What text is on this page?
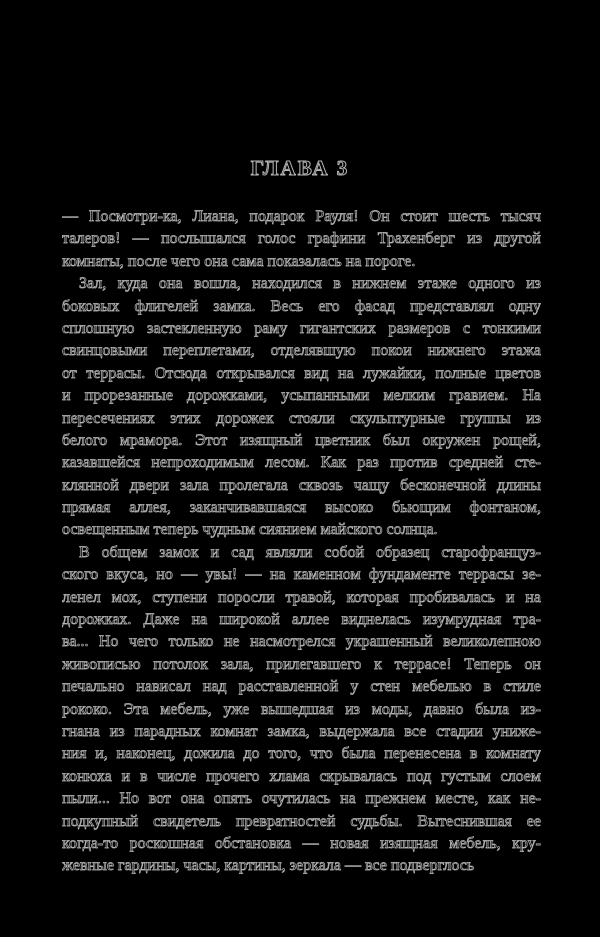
ГЛАВА 3
— Посмотри-ка, Лиана, подарок Рауля! Он стоит шесть тысяч
талеров! — послышался голос графини Трахенберг из другой
комнаты, после чего она сама показалась на пороге.
Зал, куда она вошла, находился в нижнем этаже одного из
боковых флигелей замка. Весь его фасад представлял одну
сплошную застекленную раму гигантских размеров с тонкими
свинцовыми переплетами, отделявшую покои нижнего этажа
от террасы. Отсюда открывался вид на лужайки, полные цветов
и прорезанные дорожками, усыпанными мелким гравием. На
пересечениях этих дорожек стояли скульптурные группы из
белого мрамора. Этот изящный цветник был окружен рощей,
казавшейся непроходимым лесом. Как раз против средней сте-
клянной двери зала пролегала сквозь чащу бесконечной длины
прямая аллея, заканчивавшаяся высоко бьющим фонтаном,
освещенным теперь чудным сиянием майского солнца.
В общем замок и сад являли собой образец старофранцуз-
ского вкуса, но — увы! — на каменном фундаменте террасы зе-
ленел мох, ступени поросли травой, которая пробивалась и на
дорожках. Даже на широкой аллее виднелась изумрудная тра-
ва... Но чего только не насмотрелся украшенный великолепною
живописью потолок зала, прилегавшего к террасе! Теперь он
печально нависал над расставленной у стен мебелью в стиле
рококо. Эта мебель, уже вышедшая из моды, давно была из-
гнана из парадных комнат замка, выдержала все стадии униже-
ния и, наконец, дожила до того, что была перенесена в комнату
конюха и в числе прочего хлама скрывалась под густым слоем
пыли... Но вот она опять очутилась на прежнем месте, как не-
подкупный свидетель превратностей судьбы. Вытеснившая ее
когда-то роскошная обстановка — новая изящная мебель, кру-
жевные гардины, часы, картины, зеркала — все подверглось
